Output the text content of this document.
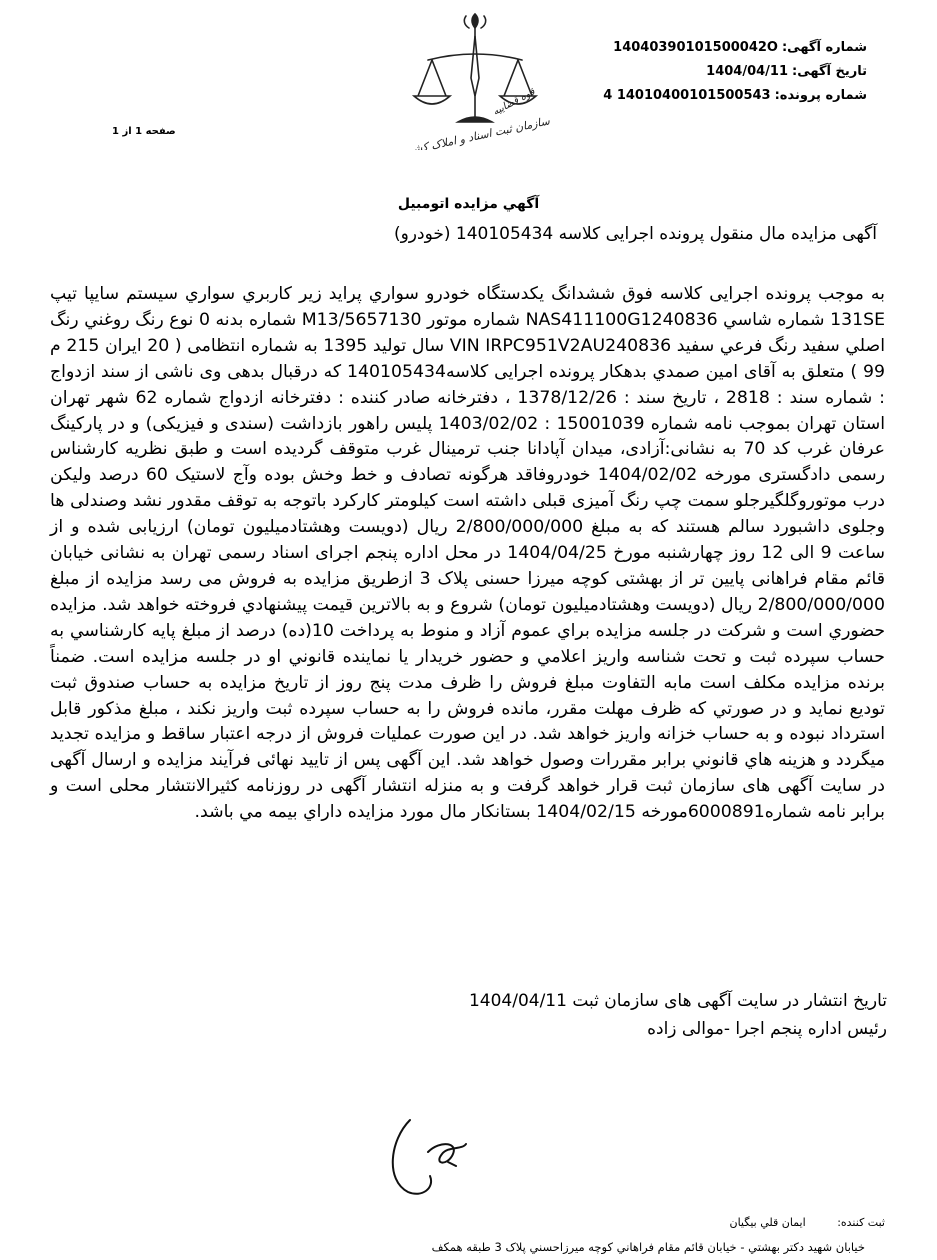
قوه قضاییه
سازمان ثبت اسناد و املاک کشور
شماره آگهی:14040390101500042O
تاریخ آگهی:1404/04/11
شماره پرونده:14010400101500543 4
صفحه 1 از 1
آگهي مزايده اتومبيل
آگهی مزایده مال منقول پرونده اجرایی کلاسه 140105434 (خودرو)
به موجب پرونده اجرایی کلاسه فوق ششدانگ يکدستگاه خودرو سواري پرايد زير کاربري سواري سيستم سايپا تيپ 131SE شماره شاسي NAS411100G1240836 شماره موتور M13/5657130 شماره بدنه 0 نوع رنگ روغني رنگ اصلي سفيد رنگ فرعي سفيد VIN IRPC951V2AU240836 سال توليد 1395 به شماره انتظامی ( 20 ایران 215 م 99 ) متعلق به آقای امین صمدي بدهكار پرونده اجرايی کلاسه140105434 كه درقبال بدهی وی ناشی از سند ازدواج : شماره سند : 2818 ، تاریخ سند : 1378/12/26 ، دفترخانه صادر کننده : دفترخانه ازدواج شماره 62 شهر تهران استان تهران بموجب نامه شماره 15001039 : 1403/02/02 پلیس راهور بازداشت (سندی و فیزیکی) و در پارکینگ عرفان غرب کد 70 به نشانی:آزادی، میدان آپادانا جنب ترمینال غرب متوقف گردیده است و طبق نظریه کارشناس رسمی دادگستری مورخه 1404/02/02 خودروفاقد هرگونه تصادف و خط وخش بوده وآج لاستیک 60 درصد ولیکن درب موتوروگلگیرجلو سمت چپ رنگ آمیزی قبلی داشته است کیلومتر کارکرد باتوجه به توقف مقدور نشد وصندلی ها وجلوی داشبورد سالم هستند که به مبلغ 2/800/000/000 ریال (دویست وهشتادمیلیون تومان) ارزیابی شده و از ساعت 9 الی 12 روز چهارشنبه مورخ 1404/04/25 در محل اداره پنجم اجرای اسناد رسمی تهران به نشانی خیابان قائم مقام فراهانی پایین تر از بهشتی کوچه میرزا حسنی پلاک 3 ازطریق مزایده به فروش می رسد مزایده از مبلغ 2/800/000/000 ریال (دویست وهشتادمیلیون تومان) شروع و به بالاترين قيمت پيشنهادي فروخته خواهد شد. مزايده حضوري است و شركت در جلسه مزايده براي عموم آزاد و منوط به پرداخت 10(ده) درصد از مبلغ پايه كارشناسي به حساب سپرده ثبت و تحت شناسه واريز اعلامي و حضور خريدار يا نماينده قانوني او در جلسه مزايده است. ضمناً برنده مزايده مكلف است مابه التفاوت مبلغ فروش را ظرف مدت پنج روز از تاريخ مزايده به حساب صندوق ثبت توديع نمايد و در صورتي كه ظرف مهلت مقرر، مانده فروش را به حساب سپرده ثبت واريز نكند ، مبلغ مذكور قابل استرداد نبوده و به حساب خزانه واريز خواهد شد. در اين صورت عمليات فروش از درجه اعتبار ساقط و مزايده تجديد ميگردد و هزينه هاي قانوني برابر مقررات وصول خواهد شد. این آگهی پس از تایید نهائی فرآیند مزایده و ارسال آگهی در سایت آگهی های سازمان ثبت قرار خواهد گرفت و به منزله انتشار آگهی در روزنامه کثیرالانتشار محلی است و برابر نامه شماره6000891مورخه 1404/02/15 بستانكار مال مورد مزايده داراي بيمه مي باشد.
تاریخ انتشار در سایت آگهی های سازمان ثبت 1404/04/11
رئیس اداره پنجم اجرا -موالی زاده
ثبت کننده: ايمان قلي بيگيان
خيابان شهيد دکتر بهشتي - خيابان قائم مقام فراهاني کوچه ميرزاحسني پلاک 3 طبقه همکف
